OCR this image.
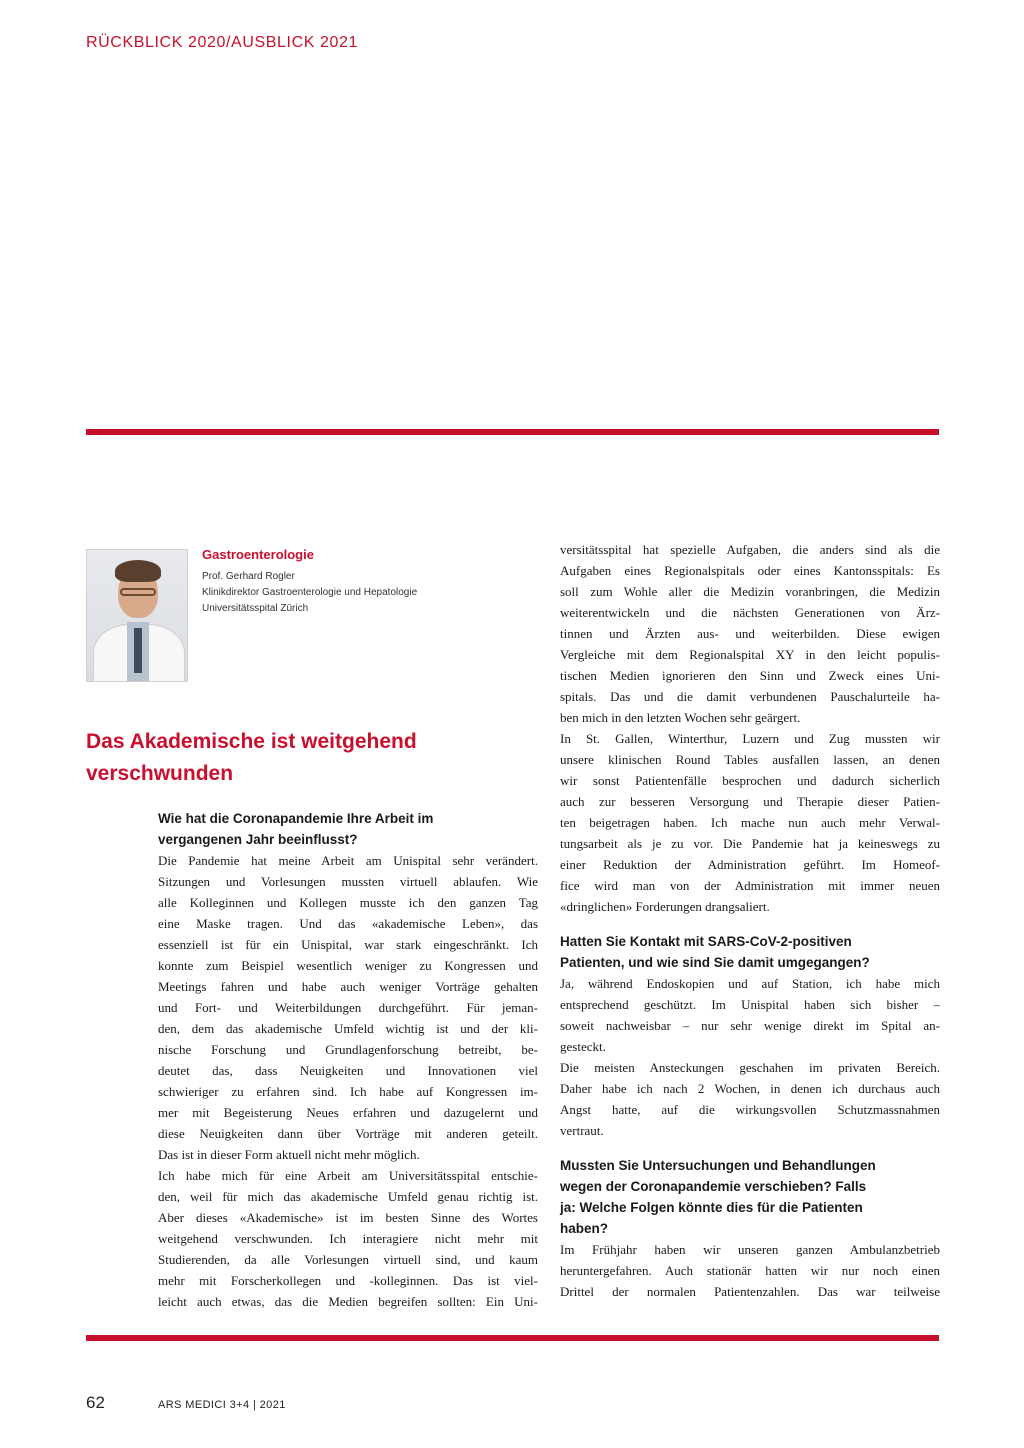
RÜCKBLICK 2020/AUSBLICK 2021
Gastroenterologie
Prof. Gerhard Rogler
Klinikdirektor Gastroenterologie und Hepatologie
Universitätsspital Zürich
Das Akademische ist weitgehend
verschwunden
Wie hat die Coronapandemie Ihre Arbeit im
vergangenen Jahr beeinflusst?
Die Pandemie hat meine Arbeit am Unispital sehr verändert.
Sitzungen und Vorlesungen mussten virtuell ablaufen. Wie
alle Kolleginnen und Kollegen musste ich den ganzen Tag
eine Maske tragen. Und das «akademische Leben», das
essenziell ist für ein Unispital, war stark eingeschränkt. Ich
konnte zum Beispiel wesentlich weniger zu Kongressen und
Meetings fahren und habe auch weniger Vorträge gehalten
und Fort- und Weiterbildungen durchgeführt. Für jeman-
den, dem das akademische Umfeld wichtig ist und der kli-
nische Forschung und Grundlagenforschung betreibt, be-
deutet das, dass Neuigkeiten und Innovationen viel
schwieriger zu erfahren sind. Ich habe auf Kongressen im-
mer mit Begeisterung Neues erfahren und dazugelernt und
diese Neuigkeiten dann über Vorträge mit anderen geteilt.
Das ist in dieser Form aktuell nicht mehr möglich.
Ich habe mich für eine Arbeit am Universitätsspital entschie-
den, weil für mich das akademische Umfeld genau richtig ist.
Aber dieses «Akademische» ist im besten Sinne des Wortes
weitgehend verschwunden. Ich interagiere nicht mehr mit
Studierenden, da alle Vorlesungen virtuell sind, und kaum
mehr mit Forscherkollegen und -kolleginnen. Das ist viel-
leicht auch etwas, das die Medien begreifen sollten: Ein Uni-
versitätsspital hat spezielle Aufgaben, die anders sind als die
Aufgaben eines Regionalspitals oder eines Kantonsspitals: Es
soll zum Wohle aller die Medizin voranbringen, die Medizin
weiterentwickeln und die nächsten Generationen von Ärz-
tinnen und Ärzten aus- und weiterbilden. Diese ewigen
Vergleiche mit dem Regionalspital XY in den leicht populis-
tischen Medien ignorieren den Sinn und Zweck eines Uni-
spitals. Das und die damit verbundenen Pauschalurteile ha-
ben mich in den letzten Wochen sehr geärgert.
In St. Gallen, Winterthur, Luzern und Zug mussten wir
unsere klinischen Round Tables ausfallen lassen, an denen
wir sonst Patientenfälle besprochen und dadurch sicherlich
auch zur besseren Versorgung und Therapie dieser Patien-
ten beigetragen haben. Ich mache nun auch mehr Verwal-
tungsarbeit als je zu vor. Die Pandemie hat ja keineswegs zu
einer Reduktion der Administration geführt. Im Homeof-
fice wird man von der Administration mit immer neuen
«dringlichen» Forderungen drangsaliert.
Hatten Sie Kontakt mit SARS-CoV-2-positiven
Patienten, und wie sind Sie damit umgegangen?
Ja, während Endoskopien und auf Station, ich habe mich
entsprechend geschützt. Im Unispital haben sich bisher –
soweit nachweisbar – nur sehr wenige direkt im Spital an-
gesteckt.
Die meisten Ansteckungen geschahen im privaten Bereich.
Daher habe ich nach 2 Wochen, in denen ich durchaus auch
Angst hatte, auf die wirkungsvollen Schutzmassnahmen
vertraut.
Mussten Sie Untersuchungen und Behandlungen
wegen der Coronapandemie verschieben? Falls
ja: Welche Folgen könnte dies für die Patienten
haben?
Im Frühjahr haben wir unseren ganzen Ambulanzbetrieb
heruntergefahren. Auch stationär hatten wir nur noch einen
Drittel der normalen Patientenzahlen. Das war teilweise
62	ARS MEDICI 3+4 | 2021
